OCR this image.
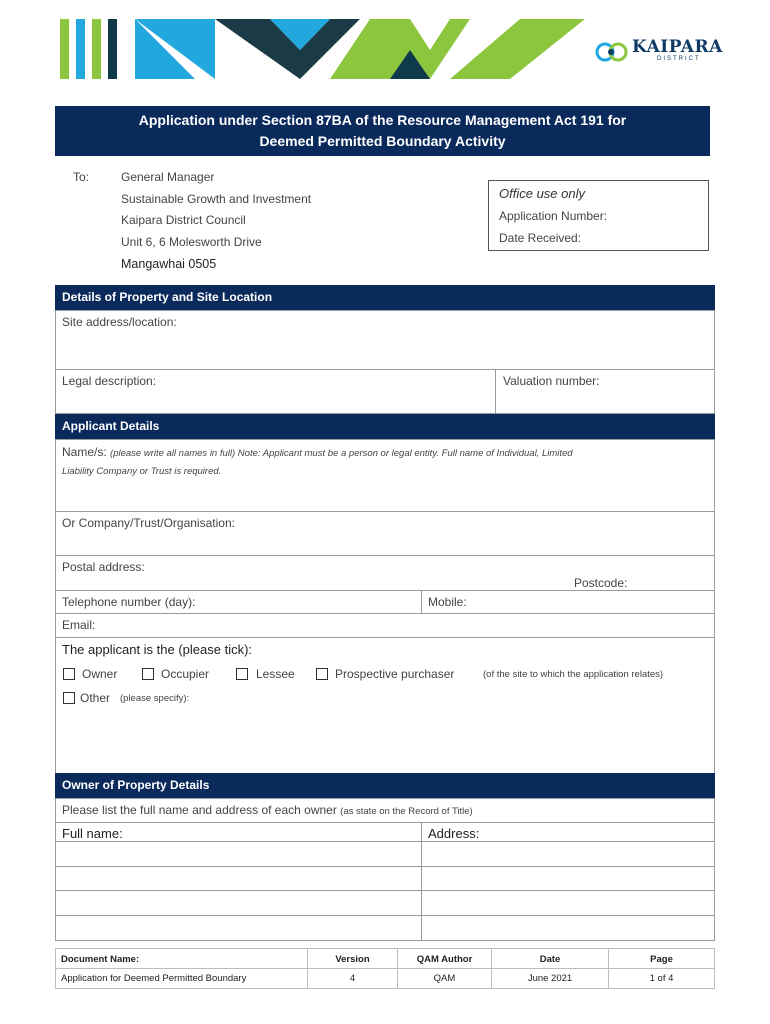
KAIPARA
DISTRICT
Application under Section 87BA of the Resource Management Act 191 for
Deemed Permitted Boundary Activity
To:	General Manager
Sustainable Growth and Investment
Kaipara District Council
Unit 6, 6 Molesworth Drive
Mangawhai 0505
Office use only
Application Number:
Date Received:
Details of Property and Site Location
Site address/location:
Legal description:	Valuation number:
Applicant Details
Name/s: (please write all names in full) Note: Applicant must be a person or legal entity. Full name of Individual, Limited
Liability Company or Trust is required.
Or Company/Trust/Organisation:
Postal address:
Postcode:
Telephone number (day):	Mobile:
Email:
The applicant is the (please tick):
Owner	Occupier	Lessee	Prospective purchaser	(of the site to which the application relates)
Other (please specify):
Owner of Property Details
Please list the full name and address of each owner (as state on the Record of Title)
Full name:	Address:
Document Name:	Version	QAM Author	Date	Page
Application for Deemed Permitted Boundary	4	QAM	June 2021	1 of 4
